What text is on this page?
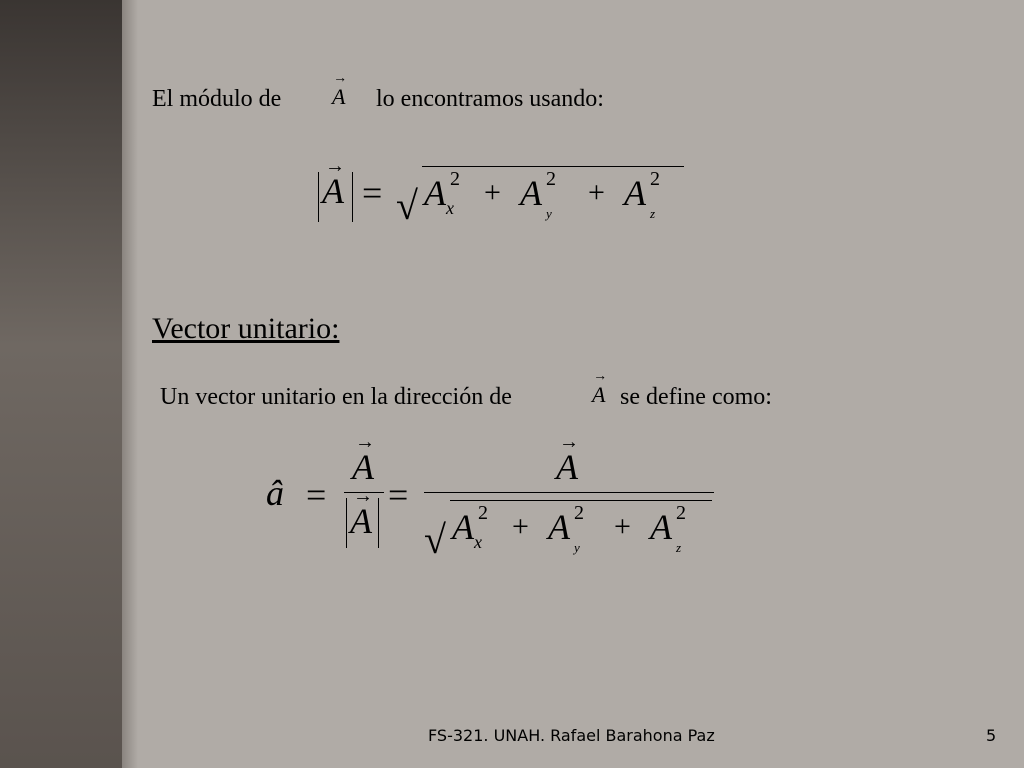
El módulo de
→
A lo encontramos usando:
→
A = √ A 2
x + A 2
y
+ A 2
z
Vector unitario:
Un vector unitario en la dirección de
→
A se define como:
â =
→
A
→
A
=
→
A
√ A 2
x + A 2
y
+ A 2
z
FS-321. UNAH. Rafael Barahona Paz	5
